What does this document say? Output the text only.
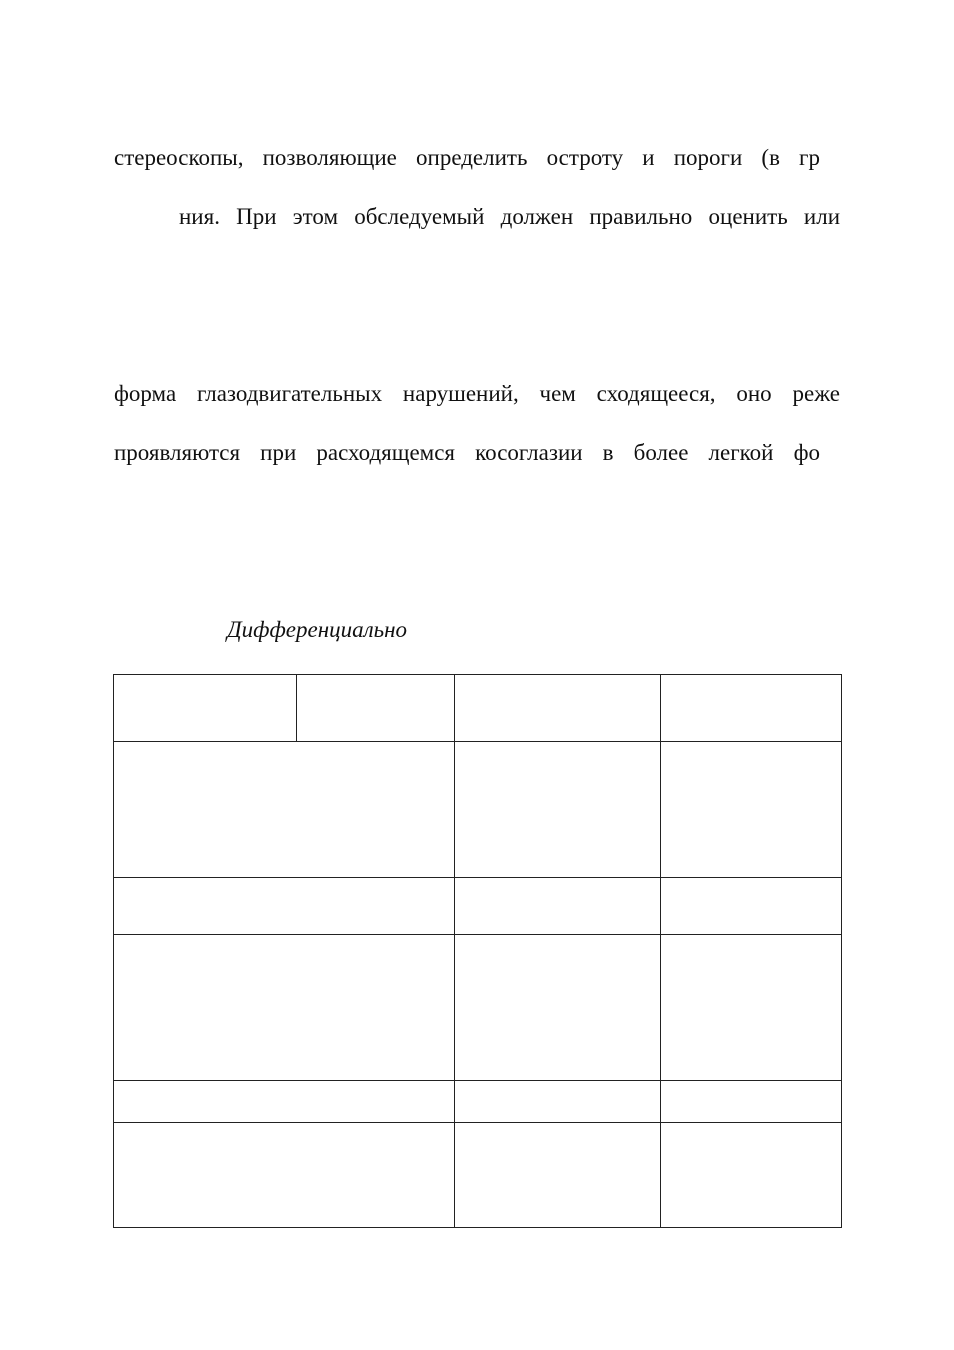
стереоскопы, позволяющие определить остроту и пороги (в гр

ния. При этом обследуемый должен правильно оценить или

форма глазодвигательных нарушений, чем сходящееся, оно реже

проявляются при расходящемся косоглазии в более легкой фо

Дифференциально
